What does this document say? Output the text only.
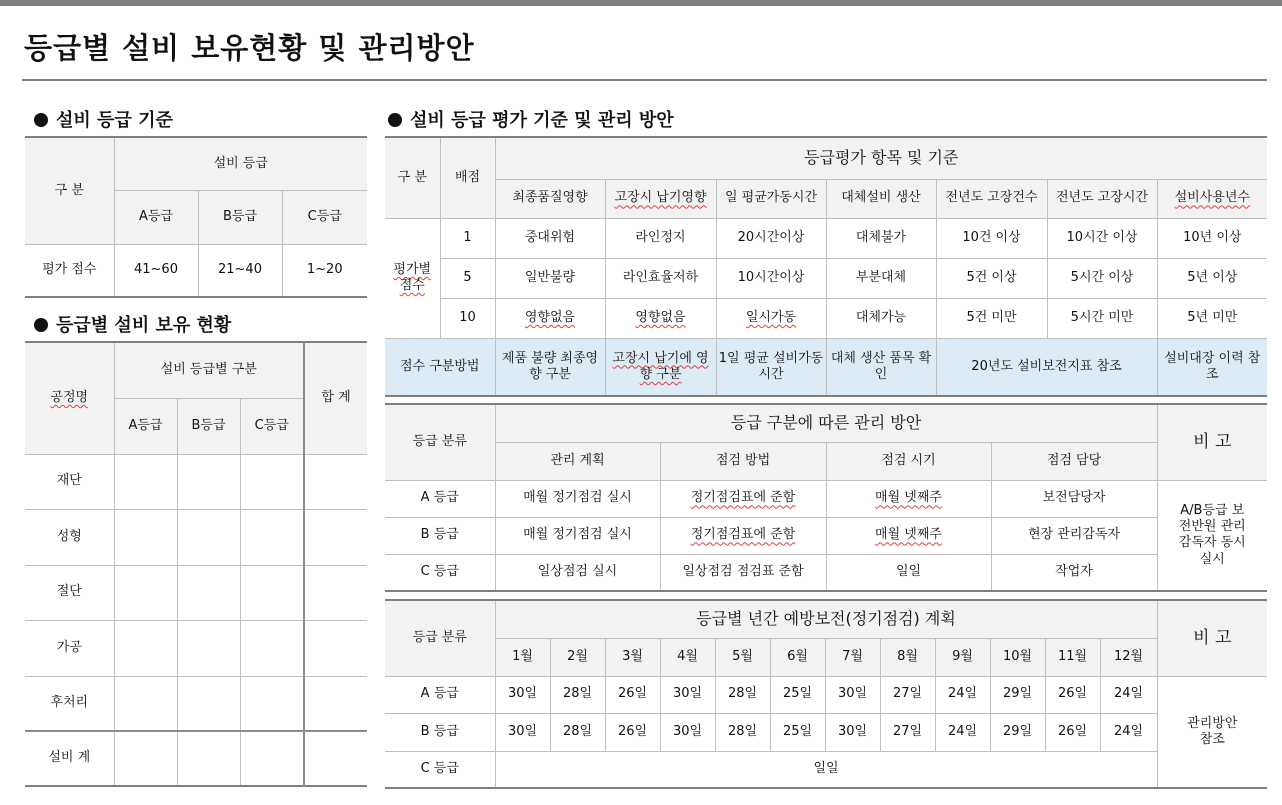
등급별 설비 보유현황 및 관리방안
설비 등급 기준
구 분	설비 등급		
	A등급	B등급	C등급
평가 점수	41~60	21~40	1~20
등급별 설비 보유 현황
공정명	설비 등급별 구분			합 계
	A등급	B등급	C등급	
재단				
성형				
절단				
가공				
후처리				
설비 계				
설비 등급 평가 기준 및 관리 방안
구 분	배점	등급평가 항목 및 기준						
		최종품질영향	고장시 납기영향	일 평균가동시간	대체설비 생산	전년도 고장건수	전년도 고장시간	설비사용년수
평가별 점수	1	중대위험	라인정지	20시간이상	대체불가	10건 이상	10시간 이상	10년 이상
	5	일반불량	라인효율저하	10시간이상	부분대체	5건 이상	5시간 이상	5년 이상
	10	영향없음	영향없음	일시가동	대체가능	5건 미만	5시간 미만	5년 미만
점수 구분방법		제품 불량 최종영향 구분	고장시 납기에 영향 구분	1일 평균 설비가동 시간	대체 생산 품목 확인	20년도 설비보전지표 참조		설비대장 이력 참조
등급 분류	등급 구분에 따른 관리 방안				비 고
	관리 계획	점검 방법	점검 시기	점검 담당	
A 등급	매월 정기점검 실시	정기점검표에 준함	매월 넷째주	보전담당자	A/B등급 보전반원 관리감독자 동시 실시
B 등급	매월 정기점검 실시	정기점검표에 준함	매월 넷째주	현장 관리감독자	
C 등급	일상점검 실시	일상점검 점검표 준함	일일	작업자	
등급 분류	등급별 년간 예방보전(정기점검) 계획												비 고
	1월	2월	3월	4월	5월	6월	7월	8월	9월	10월	11월	12월	
A 등급	30일	28일	26일	30일	28일	25일	30일	27일	24일	29일	26일	24일	관리방안 참조
B 등급	30일	28일	26일	30일	28일	25일	30일	27일	24일	29일	26일	24일	
C 등급	일일												
